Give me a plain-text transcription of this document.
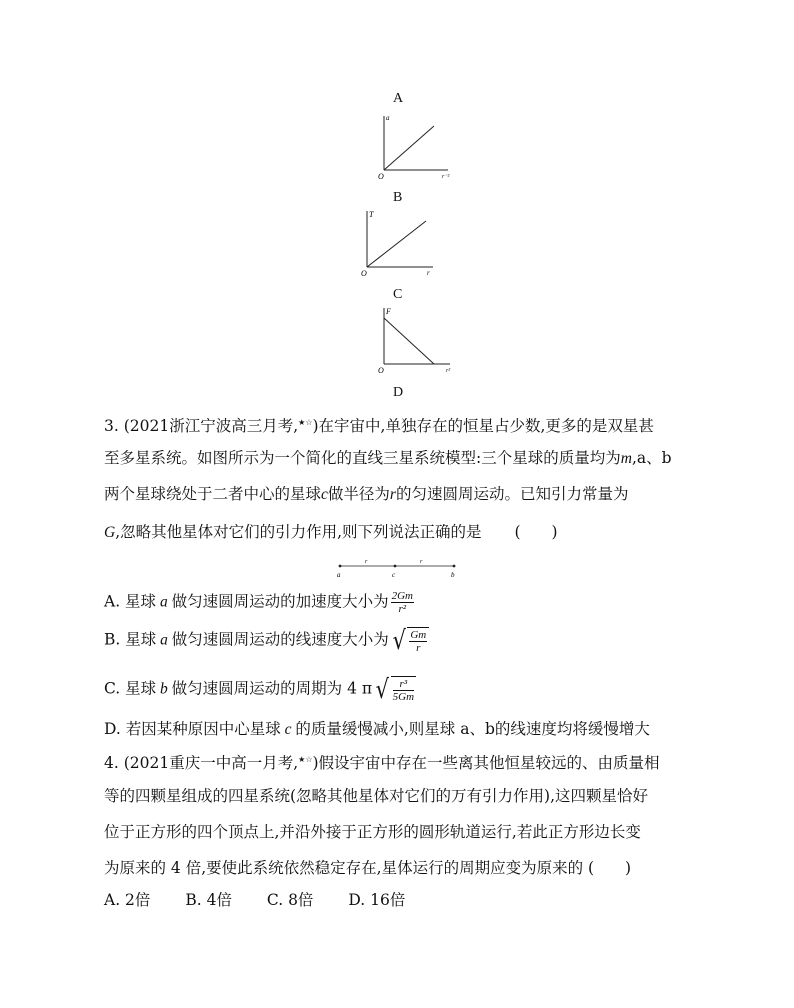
A
a
r⁻²
O
B
T
r
O
C
F
r²
O
D
3. (2021浙江宁波高三月考,★☆)在宇宙中,单独存在的恒星占少数,更多的是双星甚
至多星系统。如图所示为一个简化的直线三星系统模型:三个星球的质量均为m,a、b
两个星球绕处于二者中心的星球c做半径为r的匀速圆周运动。已知引力常量为
G,忽略其他星体对它们的引力作用,则下列说法正确的是 (　　)
a	c	b
r	r
A. 星球 a 做匀速圆周运动的加速度大小为 $\frac{2Gm}{\text{r²}}$
B. 星球 a 做匀速圆周运动的线速度大小为 √ $\frac{Gm}{r}$
C. 星球 b 做匀速圆周运动的周期为 4 π √ $\frac{\text{r³}}{5Gm}$
D. 若因某种原因中心星球 c 的质量缓慢减小,则星球 a、b的线速度均将缓慢增大
4. (2021重庆一中高一月考,★☆)假设宇宙中存在一些离其他恒星较远的、由质量相
等的四颗星组成的四星系统(忽略其他星体对它们的万有引力作用),这四颗星恰好
位于正方形的四个顶点上,并沿外接于正方形的圆形轨道运行,若此正方形边长变
为原来的 4 倍,要使此系统依然稳定存在,星体运行的周期应变为原来的 (　　)
A. 2倍 B. 4倍 C. 8倍 D. 16倍
